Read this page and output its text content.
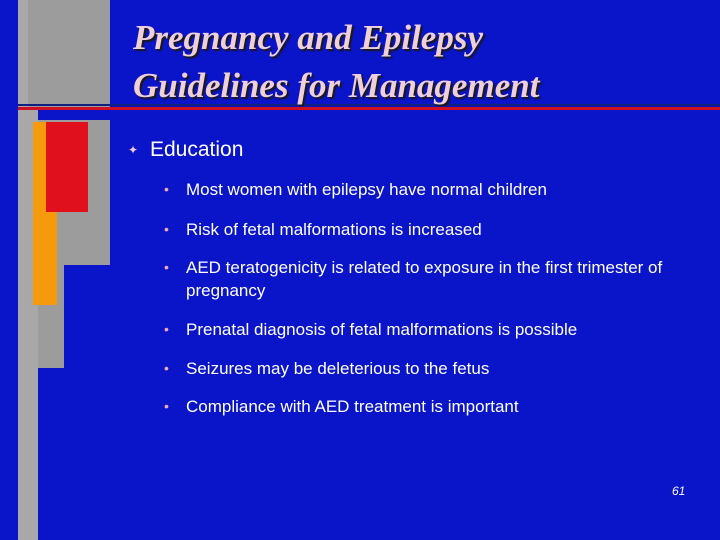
Pregnancy and Epilepsy
Guidelines for Management
✦ Education
•	Most women with epilepsy have normal children
•	Risk of fetal malformations is increased
•	AED teratogenicity is related to exposure in the first trimester of pregnancy
•	Prenatal diagnosis of fetal malformations is possible
•	Seizures may be deleterious to the fetus
•	Compliance with AED treatment is important
61
